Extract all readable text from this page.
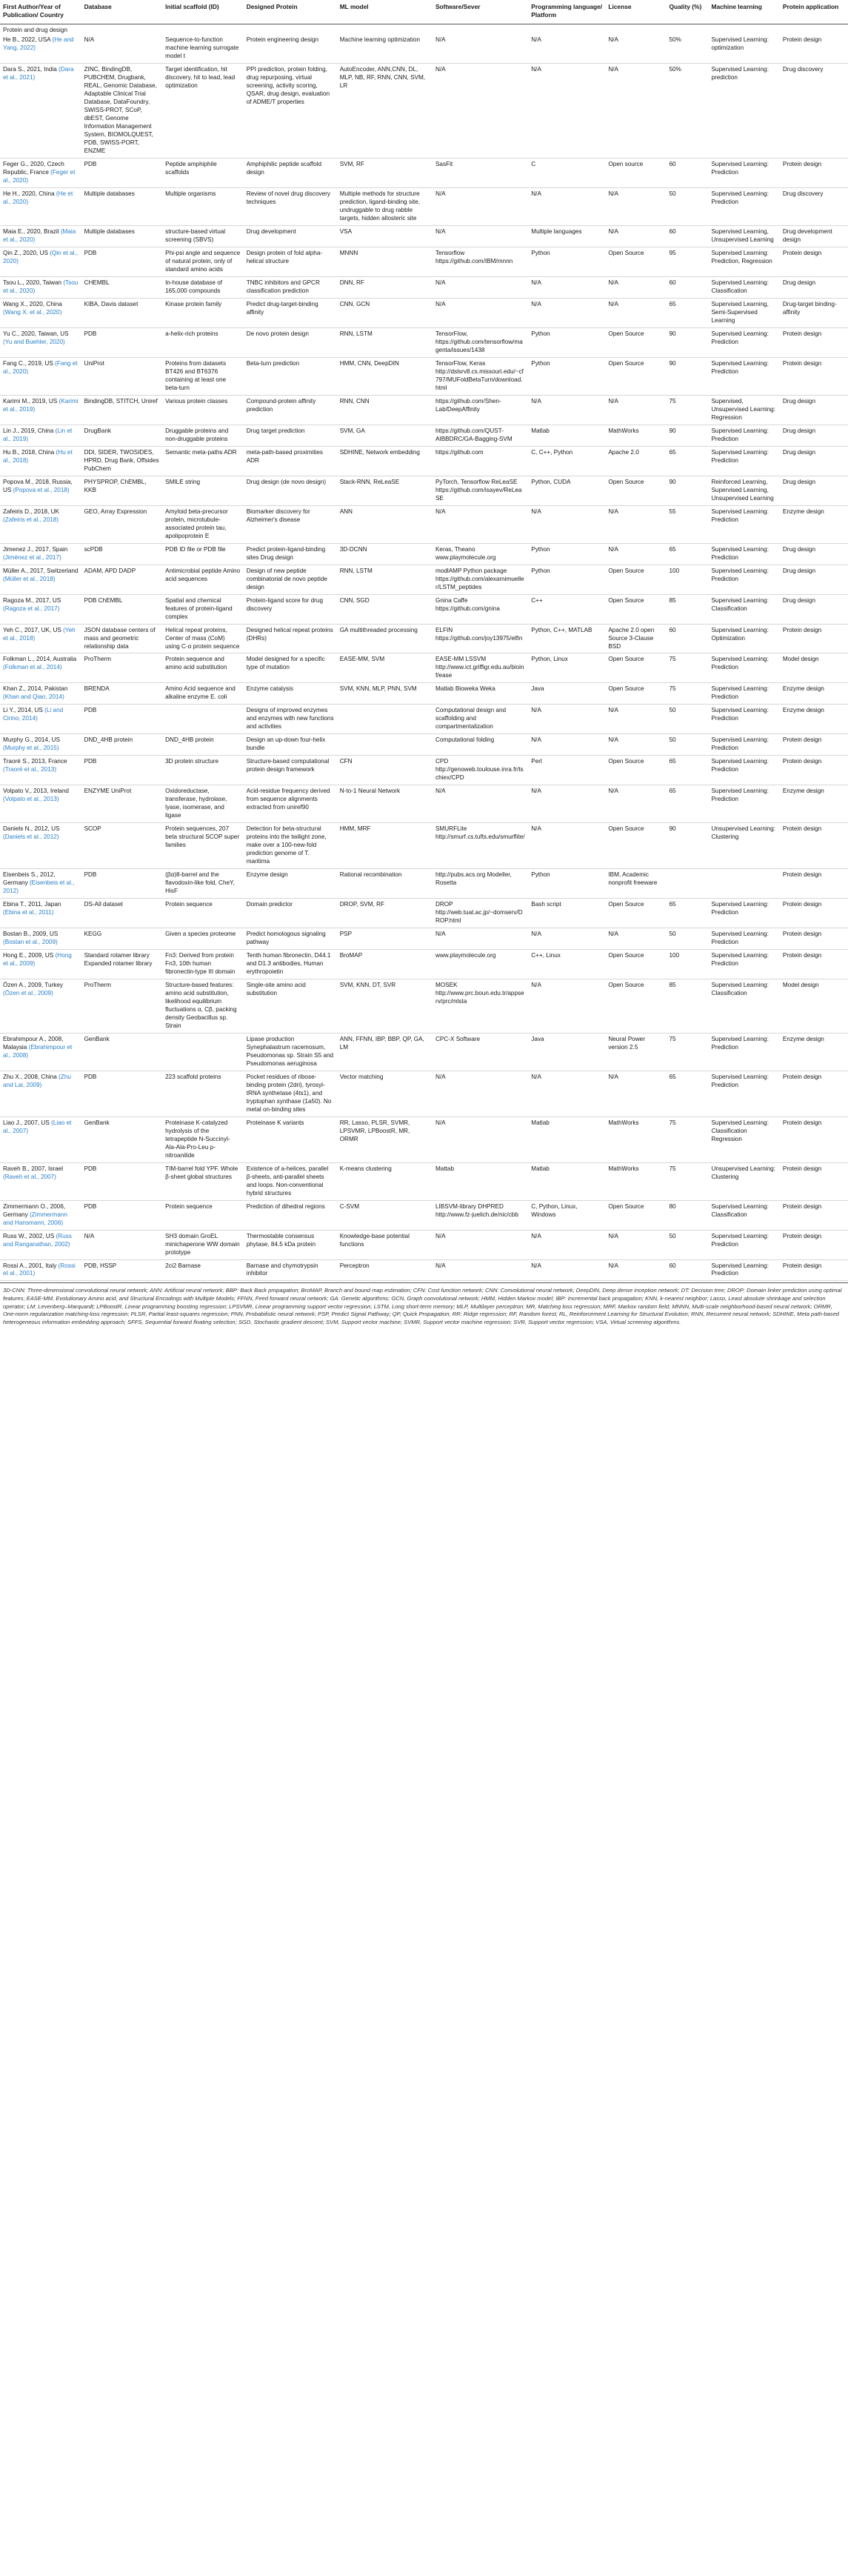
First Author/Year of Publication/ Country	Database	Initial scaffold (ID)	Designed Protein	ML model	Software/Sever	Programming language/ Platform	License	Quality (%)	Machine learning	Protein application
Protein and drug design										
He B., 2022, USA (He and Yang, 2022)	N/A	Sequence-to-function machine learning surrogate model t	Protein engineering design	Machine learning optimization	N/A	N/A	N/A	50%	Supervised Learning: optimization	Protein design
Dara S., 2021, India (Dara et al., 2021)	ZINC, BindingDB, PUBCHEM, Drugbank, REAL, Genomic Database, Adaptable Clinical Trial Database, DataFoundry, SWISS-PROT, SCoP, dbEST, Genome Information Management System, BIOMOLQUEST, PDB, SWISS-PORT, ENZME	Target identification, hit discovery, hit to lead, lead optimization	PPI prediction, protein folding, drug repurposing, virtual screening, activity scoring, QSAR, drug design, evaluation of ADME/T properties	AutoEncoder, ANN,CNN, DL, MLP, NB, RF, RNN, CNN, SVM, LR	N/A	N/A	N/A	50%	Supervised Learning: prediction	Drug discovery
Feger G., 2020, Czech Republic, France (Feger et al., 2020)	PDB	Peptide amphiphile scaffolds	Amphiphilic peptide scaffold design	SVM, RF	SasFit	C	Open source	60	Supervised Learning: Prediction	Protein design
He H., 2020, China (He et al., 2020)	Multiple databases	Multiple organisms	Review of novel drug discovery techniques	Multiple methods for structure prediction, ligand-binding site, undruggable to drug rabble targets, hidden allosteric site	N/A	N/A	N/A	50	Supervised Learning: Prediction	Drug discovery
Maia E., 2020, Brazil (Maia et al., 2020)	Multiple databases	structure-based virtual screening (SBVS)	Drug development	VSA	N/A	Multiple languages	N/A	60	Supervised Learning, Unsupervised Learning	Drug development design
Qin Z., 2020, US (Qin et al., 2020)	PDB	Phi-psi angle and sequence of natural protein, only of standard amino acids	Design protein of fold alpha-helical structure	MNNN	Tensorflow https://github.com/IBM/mnnn	Python	Open Source	95	Supervised Learning: Prediction, Regression	Protein design
Tsou L., 2020, Taiwan (Tsou et al., 2020)	CHEMBL	In-house database of 165,000 compounds	TNBC inhibitors and GPCR classification prediction	DNN, RF	N/A	N/A	N/A	60	Supervised Learning: Classification	Drug design
Wang X., 2020, China (Wang X. et al., 2020)	KIBA, Davis dataset	Kinase protein family	Predict drug-target-binding affinity	CNN, GCN	N/A	N/A	N/A	65	Supervised Learning, Semi-Supervised Learning	Drug-target binding-affinity
Yu C., 2020, Taiwan, US (Yu and Buehler, 2020)	PDB	a-helix-rich proteins	De novo protein design	RNN, LSTM	TensorFlow, https://github.com/tensorflow/magenta/issues/1438	Python	Open Source	90	Supervised Learning: Prediction	Protein design
Fang C., 2019, US (Fang et al., 2020)	UniProt	Proteins from datasets BT426 and BT6376 containing at least one beta-turn	Beta-turn prediction	HMM, CNN, DeepDIN	TensorFlow, Keras http://dslsrv8.cs.missouri.edu/~cf797/MUFoldBetaTurn/download.html	Python	Open Source	90	Supervised Learning: Prediction	Protein design
Karimi M., 2019, US (Karimi et al., 2019)	BindingDB, STITCH, Uniref	Various protein classes	Compound-protein affinity prediction	RNN, CNN	https://github.com/Shen-Lab/DeepAffinity	N/A	N/A	75	Supervised, Unsupervised Learning: Regression	Drug design
Lin J., 2019, China (Lin et al., 2019)	DrugBank	Druggable proteins and non-druggable proteins	Drug target prediction	SVM, GA	https://github.com/QUST-AIBBDRC/GA-Bagging-SVM	Matlab	MathWorks	90	Supervised Learning: Prediction	Drug design
Hu B., 2018, China (Hu et al., 2018)	DDI, SIDER, TWOSIDES, HPRD, Drug Bank, Offsides PubChem	Semantic meta-paths ADR	meta-path-based proximities ADR	SDHINE, Network embedding	https://github.com	C, C++, Python	Apache 2.0	65	Supervised Learning: Prediction	Drug design
Popova M., 2018, Russia, US (Popova et al., 2018)	PHYSPROP, ChEMBL, KKB	SMILE string	Drug design (de novo design)	Stack-RNN, ReLeaSE	PyTorch, Tensorflow ReLeaSE https://github.com/isayev/ReLeaSE	Python, CUDA	Open Source	90	Reinforced Learning, Supervised Learning, Unsupervised Learning	Drug design
Zafeiris D., 2018, UK (Zafeiris et al., 2018)	GEO, Array Expression	Amyloid beta-precursor protein, microtubule-associated protein tau, apolipoprotein E	Biomarker discovery for Alzheimer's disease	ANN	N/A	N/A	N/A	55	Supervised Learning: Prediction	Enzyme design
Jimenez J., 2017, Spain (Jiménez et al., 2017)	scPDB	PDB ID file or PDB file	Predict protein-ligand-binding sites Drug design	3D-DCNN	Keras, Theano www.playmolecule.org	Python	N/A	65	Supervised Learning: Prediction	Drug design
Müller A., 2017, Switzerland (Müller et al., 2018)	ADAM, APD DADP	Antimicrobial peptide Amino acid sequences	Design of new peptide combinatorial de novo peptide design	RNN, LSTM	modlAMP Python package https://github.com/alexarnimueller/LSTM_peptides	Python	Open Source	100	Supervised Learning: Prediction	Drug design
Ragoza M., 2017, US (Ragoza et al., 2017)	PDB ChEMBL	Spatial and chemical features of protein-ligand complex	Protein-ligand score for drug discovery	CNN, SGD	Gnina Caffe https://github.com/gnina	C++	Open Source	85	Supervised Learning: Classification	Drug design
Yeh C., 2017, UK, US (Yeh et al., 2018)	JSON database centers of mass and geometric relationship data	Helical repeat proteins, Center of mass (CoM) using C-α protein sequence	Designed helical repeat proteins (DHRs)	GA multithreaded processing	ELFIN https://github.com/joy13975/elfin	Python, C++, MATLAB	Apache 2.0 open Source 3-Clause BSD	60	Supervised Learning: Optimization	Protein design
Folkman L., 2014, Australia (Folkman et al., 2014)	ProTherm	Protein sequence and amino acid substitution	Model designed for a specific type of mutation	EASE-MM, SVM	EASE-MM LSSVM http://www.ict.griffigr.edu.au/bioinf/ease	Python, Linux	Open Source	75	Supervised Learning: Prediction	Model design
Khan Z., 2014, Pakistan (Khan and Qiao, 2014)	BRENDA	Amino Acid sequence and alkaline enzyme E. coli	Enzyme catalysis	SVM, KNN, MLP, PNN, SVM	Matlab Bioweka Weka	Java	Open Source	75	Supervised Learning: Prediction	Enzyme design
Li Y., 2014, US (Li and Cirino, 2014)	PDB		Designs of improved enzymes and enzymes with new functions and activities		Computational design and scaffolding and compartmentalization	N/A	N/A	50	Supervised Learning: Prediction	Enzyme design
Murphy G., 2014, US (Murphy et al., 2015)	DND_4HB protein	DND_4HB protein	Design an up-down four-helix bundle		Computational folding	N/A	N/A	50	Supervised Learning: Prediction	Protein design
Traoré S., 2013, France (Traoré et al., 2013)	PDB	3D protein structure	Structure-based computational protein design framework	CFN	CPD http://genoweb.toulouse.inra.fr/tschiex/CPD	Perl	Open Source	65	Supervised Learning: Prediction	Protein design
Volpato V., 2013, Ireland (Volpato et al., 2013)	ENZYME UniProt	Oxidoreductase, transferase, hydrolase, lyase, isomerase, and ligase	Acid-residue frequency derived from sequence alignments extracted from uniref90	N-to-1 Neural Network	N/A	N/A	N/A	65	Supervised Learning: Prediction	Enzyme design
Daniels N., 2012, US (Daniels et al., 2012)	SCOP	Protein sequences, 207 beta structural SCOP super families	Detection for beta-structural proteins into the twilight zone, make over a 100-new-fold prediction genome of T. maritima	HMM, MRF	SMURFLite http://smurf.cs.tufts.edu/smurflite/	N/A	Open Source	90	Unsupervised Learning: Clustering	Protein design
Eisenbeis S., 2012, Germany (Eisenbeis et al., 2012)	PDB	(βα)8-barrel and the flavodoxin-like fold, CheY, HisF	Enzyme design	Rational recombination	http://pubs.acs.org Modeller, Rosetta	Python	IBM, Academic nonprofit freeware			Protein design
Ebina T., 2011, Japan (Ebina et al., 2011)	DS-All dataset	Protein sequence	Domain predictor	DROP, SVM, RF	DROP http://web.tuat.ac.jp/~domserv/DROP.html	Bash script	Open Source	65	Supervised Learning: Prediction	Protein design
Bostan B., 2009, US (Bostan et al., 2009)	KEGG	Given a species proteome	Predict homologous signaling pathway	PSP	N/A	N/A	N/A	50	Supervised Learning: Prediction	Protein design
Hong E., 2009, US (Hong et al., 2009)	Standard rotamer library Expanded rotamer library	Fn3: Derived from protein Fn3, 10th human fibronectin-type III domain	Tenth human fibronectin, D44.1 and D1.3 antibodies, Human erythropoietin	BroMAP	www.playmolecule.org	C++, Linux	Open Source	100	Supervised Learning: Prediction	Protein design
Özen A., 2009, Turkey (Özen et al., 2009)	ProTherm	Structure-based features: amino acid substitution, likelihood equilibrium fluctuations α, Cβ, packing density Geobacillus sp. Strain	Single-site amino acid substitution	SVM, KNN, DT, SVR	MOSEK http://www.prc.boun.edu.tr/appserv/prc/mlsta	N/A	Open Source	85	Supervised Learning: Classification	Model design
Ebrahimpour A., 2008, Malaysia (Ebrahimpour et al., 2008)	GenBank		Lipase production Synephalastrum racemosum, Pseudomonas sp. Strain S5 and Pseudomonas aeruginosa	ANN, FFNN, IBP, BBP, QP, GA, LM	CPC-X Software	Java	Neural Power version 2.5	75	Supervised Learning: Prediction	Enzyme design
Zhu X., 2008, China (Zhu and Lai, 2009)	PDB	223 scaffold proteins	Pocket residues of ribose-binding protein (2dri), tyrosyl-tRNA synthetase (4ts1), and tryptophan synthase (1a50). No metal on-binding sites	Vector matching	N/A	N/A	N/A	65	Supervised Learning: Prediction	Protein design
Liao J., 2007, US (Liao et al., 2007)	GenBank	Proteinase K-catalyzed hydrolysis of the tetrapeptide N-Succinyl-Ala-Ala-Pro-Leu p-nitroanilide	Proteinase K variants	RR, Lasso, PLSR, SVMR, LPSVMR, LPBoostR, MR, ORMR	N/A	Matlab	MathWorks	75	Supervised Learning: Classification Regression	Protein design
Raveh B., 2007, Israel (Raveh et al., 2007)	PDB	TIM-barrel fold YPF. Whole β-sheet global structures	Existence of a-helices, parallel β-sheets, anti-parallel sheets and loops. Non-conventional hybrid structures	K-means clustering	Mattab	Matlab	MathWorks	75	Unsupervised Learning: Clustering	Protein design
Zimmermann O., 2006, Germany (Zimmermann and Hansmann, 2006)	PDB	Protein sequence	Prediction of dihedral regions	C-SVM	LIBSVM-library DHPRED http://www.fz-juelich.de/nic/cbb	C, Python, Linux, Windows	Open Source	80	Supervised Learning: Classification	Protein design
Russ W., 2002, US (Russ and Ranganathan, 2002)	N/A	SH3 domain GroEL minichaperone WW domain prototype	Thermostable consensus phytase, 84.5 kDa protein	Knowledge-base potential functions	N/A	N/A	N/A	50	Supervised Learning: Prediction	Protein design
Rossi A., 2001, Italy (Rossi et al., 2001)	PDB, HSSP	2ci2 Barnase	Barnase and chymotrypsin inhibitor	Perceptron	N/A	N/A	N/A	60	Supervised Learning: Prediction	Protein design
3D-CNN: Three-dimensional convolutional neural network; ANN: Artificial neural network; BBP: Back Back propagation; BroMAP, Branch and bound map estimation; CFN: Cost function network; CNN: Convolutional neural network; DeepDIN, Deep dense inception network; DT: Decision tree; DROP: Domain linker prediction using optimal features; EASE-MM, Evolutionary Amino acid, and Structural Encodings with Multiple Models; FFNN, Feed forward neural network; GA: Genetic algorithms; GCN, Graph convolutional network; HMM, Hidden Markov model; IBP: Incremental back propagation; KNN, k-nearest neighbor; Lasso, Least absolute shrinkage and selection operator; LM: Levenberg–Marquardt; LPBoostR, Linear programming boosting regression; LPSVMR, Linear programming support vector regression; LSTM, Long short-term memory; MLP, Multilayer perceptron; MR, Matching loss regression; MRF, Markov random field; MNNN, Multi-scale neighborhood-based neural network; ORMR, One-norm regularization matching-loss regression; PLSR, Partial least-squares regression; PNN, Probabilistic neural network; PSP, Predict Signal Pathway; QP, Quick Propagation; RR: Ridge regression; RF, Random forest; RL, Reinforcement Learning for Structural Evolution; RNN, Recurrent neural network; SDHINE, Meta path-based heterogeneous information embedding approach; SFFS, Sequential forward floating selection; SGD, Stochastic gradient descent; SVM, Support vector machine; SVMR, Support vector machine regression; SVR, Support vector regression; VSA, Virtual screening algorithms.
